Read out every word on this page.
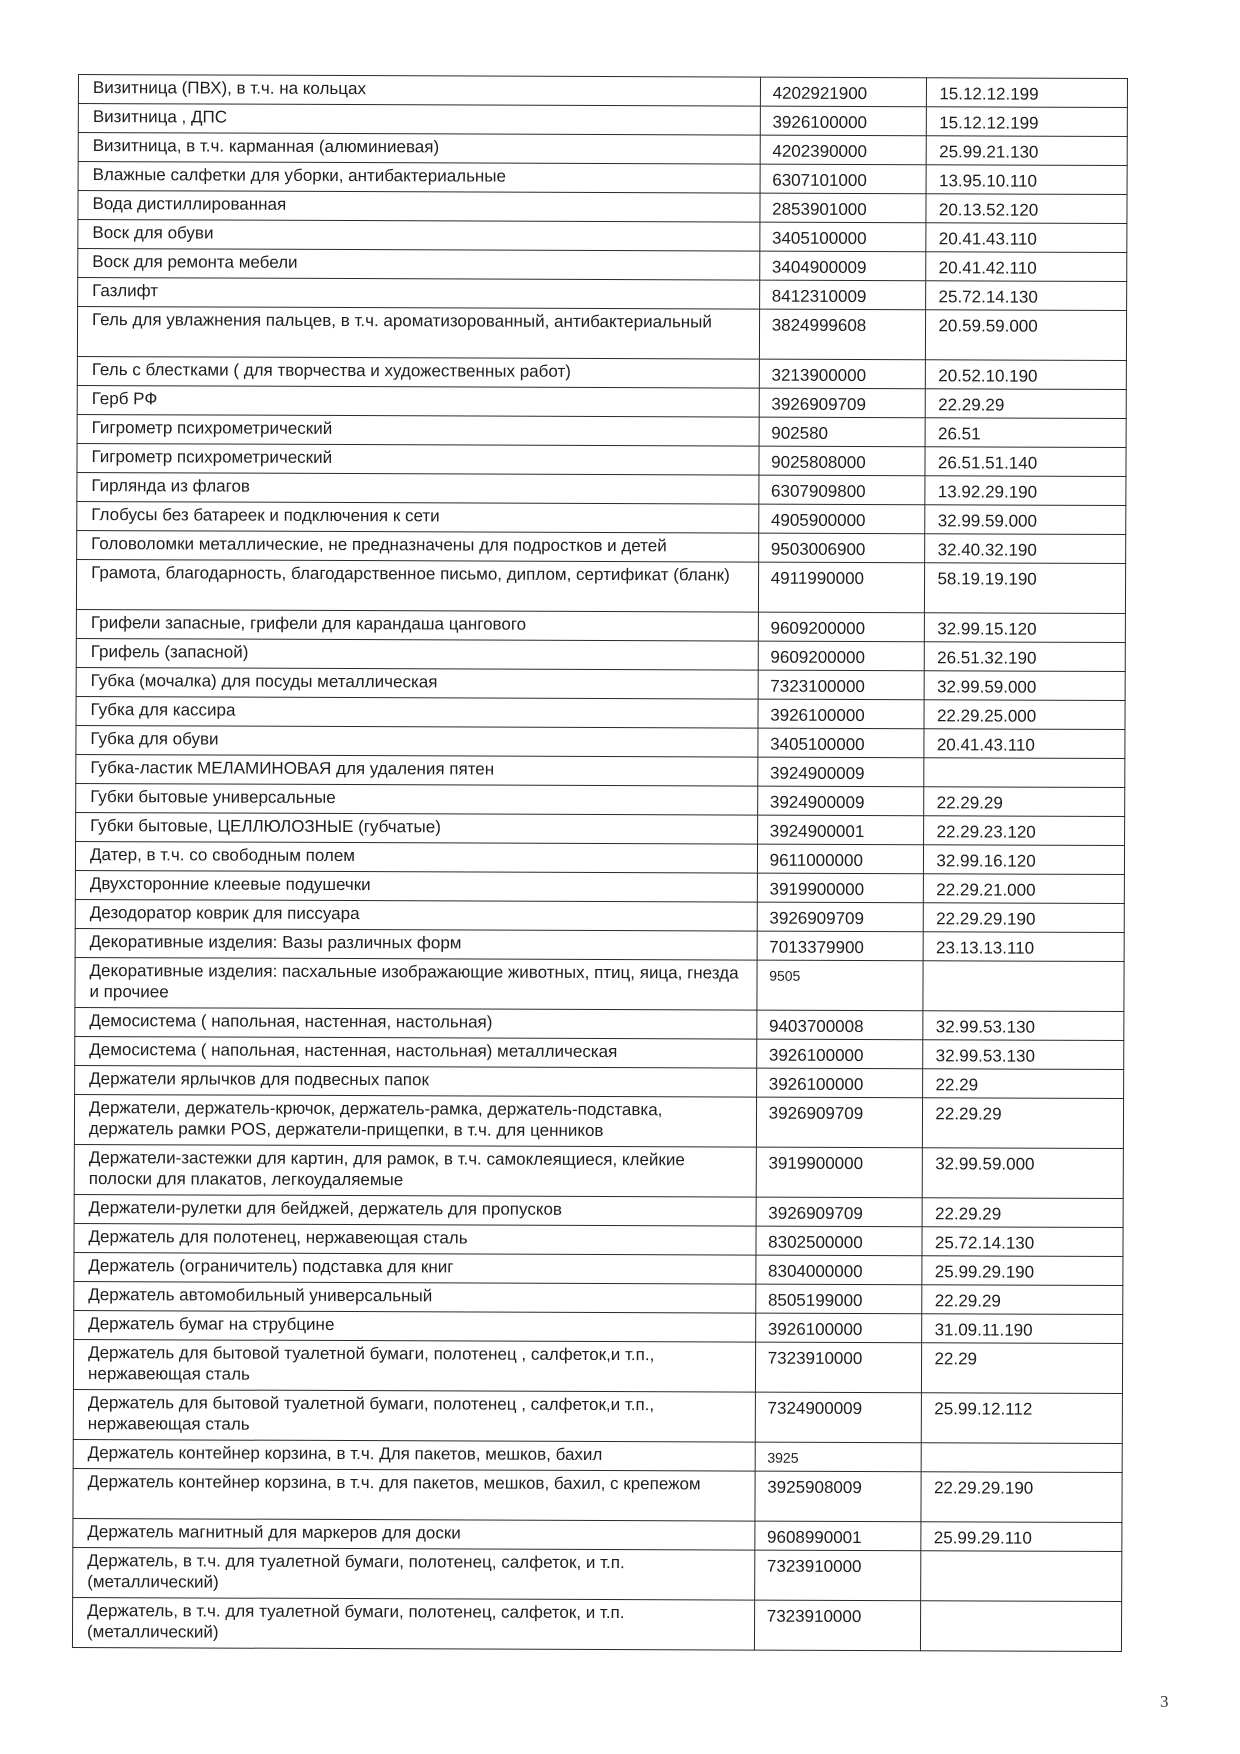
Визитница (ПВХ), в т.ч. на кольцах	4202921900	15.12.12.199
Визитница , ДПС	3926100000	15.12.12.199
Визитница, в т.ч. карманная (алюминиевая)	4202390000	25.99.21.130
Влажные салфетки для уборки, антибактериальные	6307101000	13.95.10.110
Вода дистиллированная	2853901000	20.13.52.120
Воск для обуви	3405100000	20.41.43.110
Воск для ремонта мебели	3404900009	20.41.42.110
Газлифт	8412310009	25.72.14.130
Гель для увлажнения пальцев, в т.ч. ароматизорованный, антибактериальный	3824999608	20.59.59.000
Гель с блестками ( для творчества и художественных работ)	3213900000	20.52.10.190
Герб РФ	3926909709	22.29.29
Гигрометр психрометрический	902580	26.51
Гигрометр психрометрический	9025808000	26.51.51.140
Гирлянда из флагов	6307909800	13.92.29.190
Глобусы без батареек и подключения к сети	4905900000	32.99.59.000
Головоломки металлические, не предназначены для подростков и детей	9503006900	32.40.32.190
Грамота, благодарность, благодарственное письмо, диплом, сертификат (бланк)	4911990000	58.19.19.190
Грифели запасные, грифели для карандаша цангового	9609200000	32.99.15.120
Грифель (запасной)	9609200000	26.51.32.190
Губка (мочалка) для посуды металлическая	7323100000	32.99.59.000
Губка для кассира	3926100000	22.29.25.000
Губка для обуви	3405100000	20.41.43.110
Губка-ластик МЕЛАМИНОВАЯ для удаления пятен	3924900009	
Губки бытовые универсальные	3924900009	22.29.29
Губки бытовые, ЦЕЛЛЮЛОЗНЫЕ (губчатые)	3924900001	22.29.23.120
Датер, в т.ч. со свободным полем	9611000000	32.99.16.120
Двухсторонние клеевые подушечки	3919900000	22.29.21.000
Дезодоратор коврик для писсуара	3926909709	22.29.29.190
Декоративные изделия: Вазы различных форм	7013379900	23.13.13.110
Декоративные изделия: пасхальные изображающие животных, птиц, яица, гнезда и прочиее	9505	
Демосистема ( напольная, настенная, настольная)	9403700008	32.99.53.130
Демосистема ( напольная, настенная, настольная) металлическая	3926100000	32.99.53.130
Держатели ярлычков для подвесных папок	3926100000	22.29
Держатели, держатель-крючок, держатель-рамка, держатель-подставка, держатель рамки POS, держатели-прищепки, в т.ч. для ценников	3926909709	22.29.29
Держатели-застежки для картин, для рамок, в т.ч. самоклеящиеся, клейкие полоски для плакатов, легкоудаляемые	3919900000	32.99.59.000
Держатели-рулетки для бейджей, держатель для пропусков	3926909709	22.29.29
Держатель для полотенец, нержавеющая сталь	8302500000	25.72.14.130
Держатель (ограничитель) подставка для книг	8304000000	25.99.29.190
Держатель автомобильный универсальный	8505199000	22.29.29
Держатель бумаг на струбцине	3926100000	31.09.11.190
Держатель для бытовой туалетной бумаги, полотенец , салфеток,и т.п., нержавеющая сталь	7323910000	22.29
Держатель для бытовой туалетной бумаги, полотенец , салфеток,и т.п., нержавеющая сталь	7324900009	25.99.12.112
Держатель контейнер корзина, в т.ч. Для пакетов, мешков, бахил	3925	
Держатель контейнер корзина, в т.ч. для пакетов, мешков, бахил, с крепежом	3925908009	22.29.29.190
Держатель магнитный для маркеров для доски	9608990001	25.99.29.110
Держатель, в т.ч. для туалетной бумаги, полотенец, салфеток, и т.п. (металлический)	7323910000	
Держатель, в т.ч. для туалетной бумаги, полотенец, салфеток, и т.п. (металлический)	7323910000	
3
